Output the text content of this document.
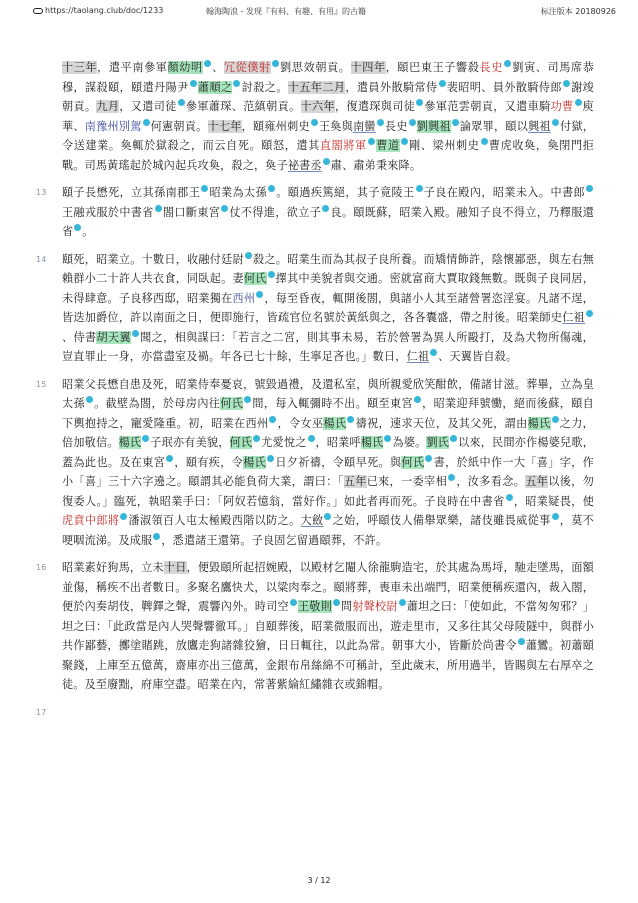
https://taolang.club/doc/1233	翰海陶浪 - 发现『有料、有趣、有用』的古籍	标注版本 20180926
十三年，遣平南參軍顏幼明 、冗從僕射 劉思效朝貢。十四年，頤巴東王子響殺長史 劉寅、司馬席恭穆，謀殺頤，頤遣丹陽尹 蕭順之 討殺之。十五年二月，遣員外散騎常侍 裴昭明、員外散騎侍郎 謝竣朝貢。九月，又遣司徒 參軍蕭琛、范縝朝貢。十六年，復遣琛與司徒 參軍范雲朝貢，又遣車騎功曹 庾華、南豫州別駕 何憲朝貢。十七年，頤雍州刺史 王奐與南蠻 長史 劉興祖 論眾罪，頤以興祖 付獄，令送建業。奐輒於獄殺之，而云自死。頤怒，遣其直閤將軍 曹道 剛、梁州刺史 曹虎收奐，奐閉門拒戰。司馬黃瑤起於城內起兵攻奐，殺之，奐子祕書丞 肅、肅弟秉來降。
13 頤子長懋死，立其孫南郡王 昭業為太孫 。頤過疾篤絕，其子竟陵王 子良在殿內，昭業未入。中書郎王融戎服於中書省 閤口斷東宮 仗不得進，欲立子 良。頤既蘇，昭業入殿。融知子良不得立，乃釋服還省 。
14 頤死，昭業立。十數日，收融付廷尉 殺之。昭業生而為其叔子良所養。而矯情飾許，陰懷鄙惡，與左右無賴群小二十許人共衣食，同臥起。妻何氏 擇其中美貌者與交通。密就富商大賈取錢無數。既與子良同居，未得肆意。子良移西邸，昭業獨在西州 ，每至昏夜，輒開後閤，與諸小人其至諸營署恣淫宴。凡諸不逞，皆迭加爵位，許以南面之日，便即施行，皆疏官位名號於黃紙與之，各各囊盛，帶之肘後。昭業師史仁祖、侍書胡天翼 聞之，相與謀曰：「若言之二宮，則其事未易，若於營署為異人所毆打，及為犬物所傷魂，豈直罪止一身，亦當盡室及禍。年各已七十餘，生寧足吝也。」數日，仁祖 、天翼皆自殺。
15 昭業父長懋自患及死，昭業侍奉憂哀，號毀過禮，及還私室，與所親愛欣笑酣飲，備諸甘滋。葬畢，立為皇太孫 。截壁為閤，於母房內往何氏 間，每入輒彌時不出。頤至東宮 ，昭業迎拜號慟，絕而後蘇，頤自下輿抱持之，寵愛隆重。初，昭業在西州 ，令女巫楊氏 禱祝，速求天位，及其父死，謂由楊氏 之力，倍加敬信。楊氏 子珉亦有美貌，何氏 尤愛悅之 ，昭業呼楊氏 為婆。劉氏 以來，民間亦作楊婆兒歌，蓋為此也。及在東宮 ，頤有疾，令楊氏 日夕祈禱，令頤早死。與何氏 書，於紙中作一大「喜」字，作小「喜」三十六字遶之。頤謂其必能負荷大業，謂曰：「五年已來，一委宰相 ，汝多看念。五年以後，勿復委人。」臨死，執昭業手曰：「阿奴若憶翁，當好作。」如此者再而死。子良時在中書省 ，昭業疑畏，使虎賁中郎將 潘淑領百人屯太極殿西階以防之。大斂 之始，呼頤伎人備舉眾樂，諸伎雖畏威從事 ，莫不哽咽流涕。及成服 ，悉遣諸王還第。子良固乞留過頤葬，不許。
16 昭業素好狗馬，立未十日，便毀頤所起招婉殿，以殿材乞閹人徐龍駒造宅，於其處為馬埒，馳走墜馬，面額並傷，稱疾不出者數日。多聚名鷹快犬，以粱肉奉之。頤將葬，喪車未出端門，昭業便稱疾還內，裁入閤，便於內奏胡伎，鞞鐸之聲，震響內外。時司空 王敬則 問射聲校尉 蕭坦之曰：「使如此，不當匆匆邪？」坦之曰：「此政當是內人哭聲響徹耳。」自頤葬後，昭業微服而出，遊走里市，又多往其父母陵隧中，與群小共作鄙藝，擲塗賭跳，放鷹走狗諸雜狡獪，日日輒往，以此為常。朝事大小，皆斷於尚書令 蕭鸞。初蕭頤聚錢，上庫至五億萬，齋庫亦出三億萬，金銀布帛絲綿不可稱計，至此歲末，所用過半，皆賜與左右厚卒之徒。及至廢黜，府庫空盡。昭業在內，常著紫綸紅繡雜衣或錦帽。
17
3 / 12
